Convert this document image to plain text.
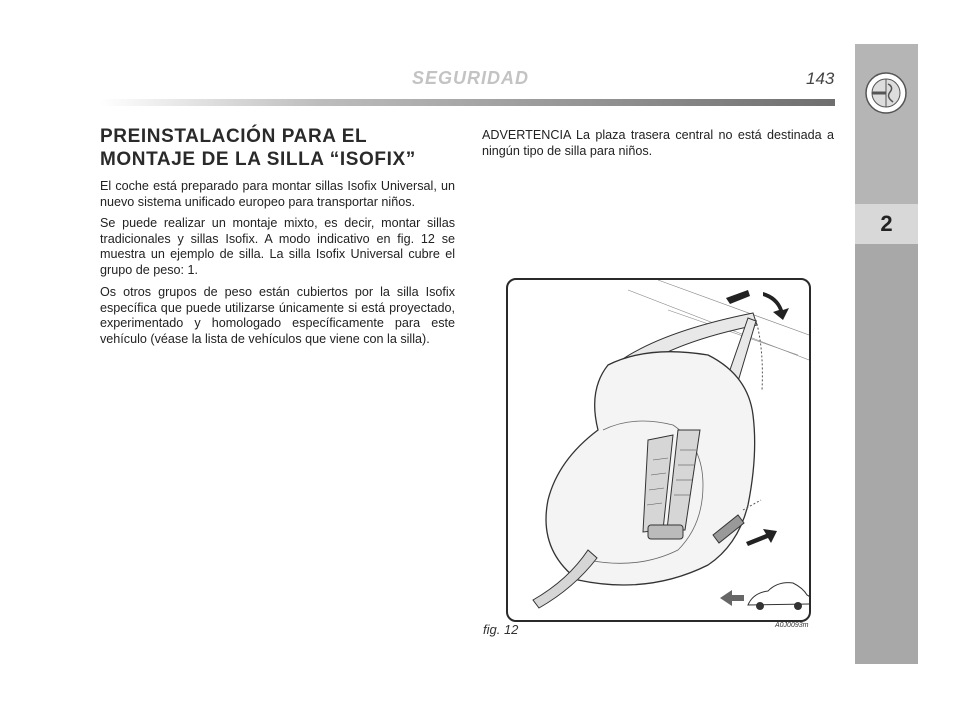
SEGURIDAD	143
2
PREINSTALACIÓN PARA EL
MONTAJE DE LA SILLA “ISOFIX”

El coche está preparado para montar sillas Isofix Universal, un nuevo sistema unificado europeo para transportar niños.

Se puede realizar un montaje mixto, es decir, montar sillas tradicionales y sillas Isofix. A modo indicativo en fig. 12 se muestra un ejemplo de silla. La silla Isofix Universal cubre el grupo de peso: 1.

Os otros grupos de peso están cubiertos por la silla Isofix específica que puede utilizarse únicamente si está proyectado, experimentado y homologado específicamente para este vehículo (véase la lista de vehículos que viene con la silla).

ADVERTENCIA La plaza trasera central no está destinada a ningún tipo de silla para niños.

fig. 12	A0J0093m
